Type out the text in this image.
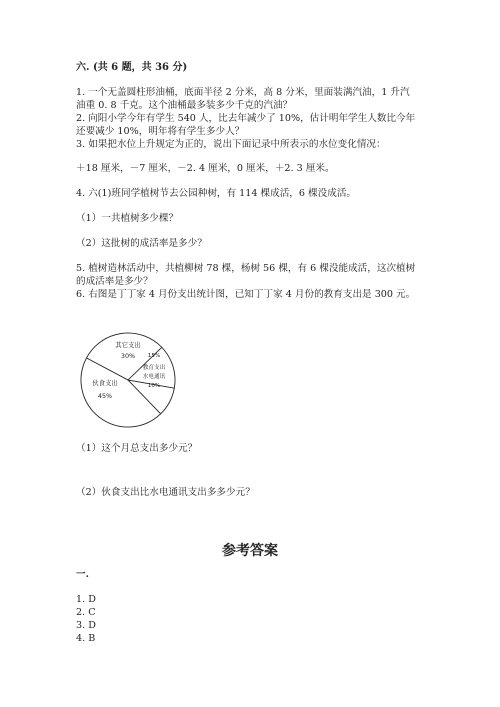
六. (共 6 题，共 36 分)
1. 一个无盖圆柱形油桶，底面半径 2 分米，高 8 分米，里面装满汽油，1 升汽
油重 0. 8 千克。这个油桶最多装多少千克的汽油？
2. 向阳小学今年有学生 540 人，比去年减少了 10%，估计明年学生人数比今年
还要减少 10%，明年将有学生多少人？
3. 如果把水位上升规定为正的，说出下面记录中所表示的水位变化情况：
＋18 厘米，－7 厘米，－2. 4 厘米，0 厘米，＋2. 3 厘米。
4. 六(1)班同学植树节去公园种树，有 114 棵成活，6 棵没成活。
（1）一共植树多少棵？
（2）这批树的成活率是多少？
5. 植树造林活动中，共植柳树 78 棵，杨树 56 棵，有 6 棵没能成活，这次植树
的成活率是多少？
6. 右图是丁丁家 4 月份支出统计图，已知丁丁家 4 月份的教育支出是 300 元。
其它支出
30%
教育支出
15%
水电通讯
10%
伙食支出
45%
（1）这个月总支出多少元？
（2）伙食支出比水电通讯支出多多少元？
参考答案
一.
1. D
2. C
3. D
4. B
